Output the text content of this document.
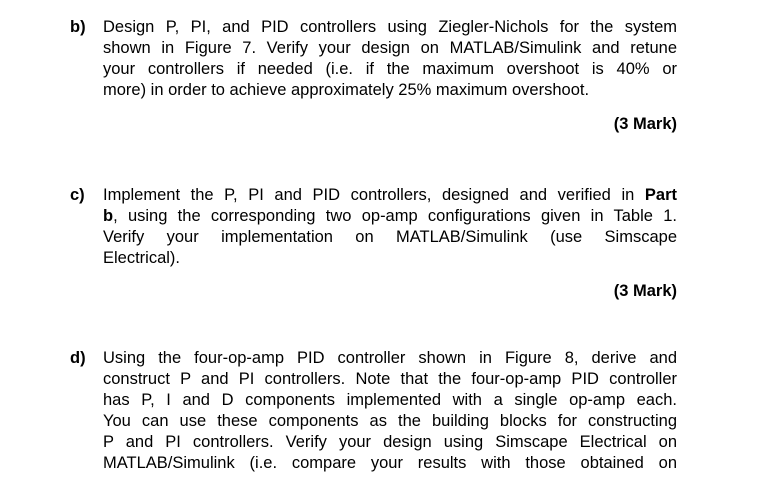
b) Design P, PI, and PID controllers using Ziegler-Nichols for the system
shown in Figure 7. Verify your design on MATLAB/Simulink and retune
your controllers if needed (i.e. if the maximum overshoot is 40% or
more) in order to achieve approximately 25% maximum overshoot.
(3 Mark)
c) Implement the P, PI and PID controllers, designed and verified in Part
b, using the corresponding two op-amp configurations given in Table 1.
Verify your implementation on MATLAB/Simulink (use Simscape
Electrical).
(3 Mark)
d) Using the four-op-amp PID controller shown in Figure 8, derive and
construct P and PI controllers. Note that the four-op-amp PID controller
has P, I and D components implemented with a single op-amp each.
You can use these components as the building blocks for constructing
P and PI controllers. Verify your design using Simscape Electrical on
MATLAB/Simulink (i.e. compare your results with those obtained on
